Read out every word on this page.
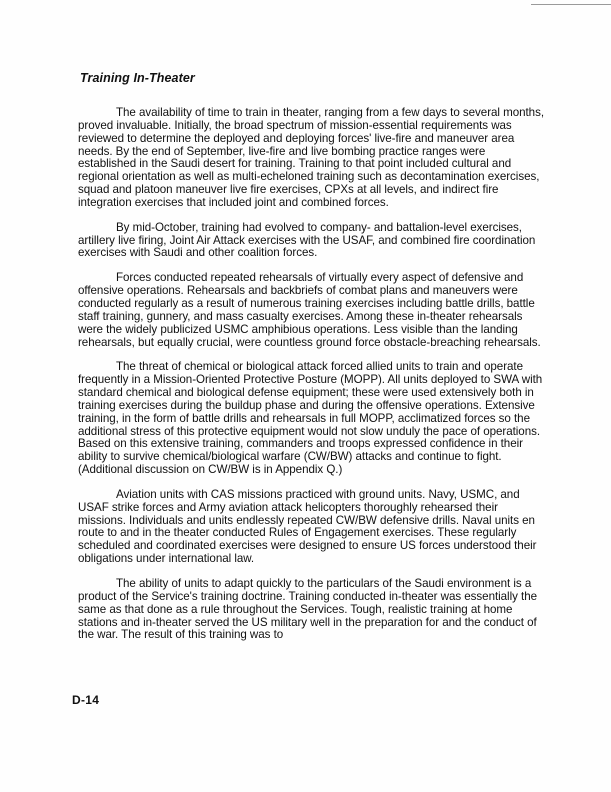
Training In-Theater

The availability of time to train in theater, ranging from a few days to several months, proved invaluable. Initially, the broad spectrum of mission-essential requirements was reviewed to determine the deployed and deploying forces' live-fire and maneuver area needs. By the end of September, live-fire and live bombing practice ranges were established in the Saudi desert for training. Training to that point included cultural and regional orientation as well as multi-echeloned training such as decontamination exercises, squad and platoon maneuver live fire exercises, CPXs at all levels, and indirect fire integration exercises that included joint and combined forces.

By mid-October, training had evolved to company- and battalion-level exercises, artillery live firing, Joint Air Attack exercises with the USAF, and combined fire coordination exercises with Saudi and other coalition forces.

Forces conducted repeated rehearsals of virtually every aspect of defensive and offensive operations. Rehearsals and backbriefs of combat plans and maneuvers were conducted regularly as a result of numerous training exercises including battle drills, battle staff training, gunnery, and mass casualty exercises. Among these in-theater rehearsals were the widely publicized USMC amphibious operations. Less visible than the landing rehearsals, but equally crucial, were countless ground force obstacle-breaching rehearsals.

The threat of chemical or biological attack forced allied units to train and operate frequently in a Mission-Oriented Protective Posture (MOPP). All units deployed to SWA with standard chemical and biological defense equipment; these were used extensively both in training exercises during the buildup phase and during the offensive operations. Extensive training, in the form of battle drills and rehearsals in full MOPP, acclimatized forces so the additional stress of this protective equipment would not slow unduly the pace of operations. Based on this extensive training, commanders and troops expressed confidence in their ability to survive chemical/biological warfare (CW/BW) attacks and continue to fight. (Additional discussion on CW/BW is in Appendix Q.)

Aviation units with CAS missions practiced with ground units. Navy, USMC, and USAF strike forces and Army aviation attack helicopters thoroughly rehearsed their missions. Individuals and units endlessly repeated CW/BW defensive drills. Naval units en route to and in the theater conducted Rules of Engagement exercises. These regularly scheduled and coordinated exercises were designed to ensure US forces understood their obligations under international law.

The ability of units to adapt quickly to the particulars of the Saudi environment is a product of the Service's training doctrine. Training conducted in-theater was essentially the same as that done as a rule throughout the Services. Tough, realistic training at home stations and in-theater served the US military well in the preparation for and the conduct of the war. The result of this training was to

D-14
